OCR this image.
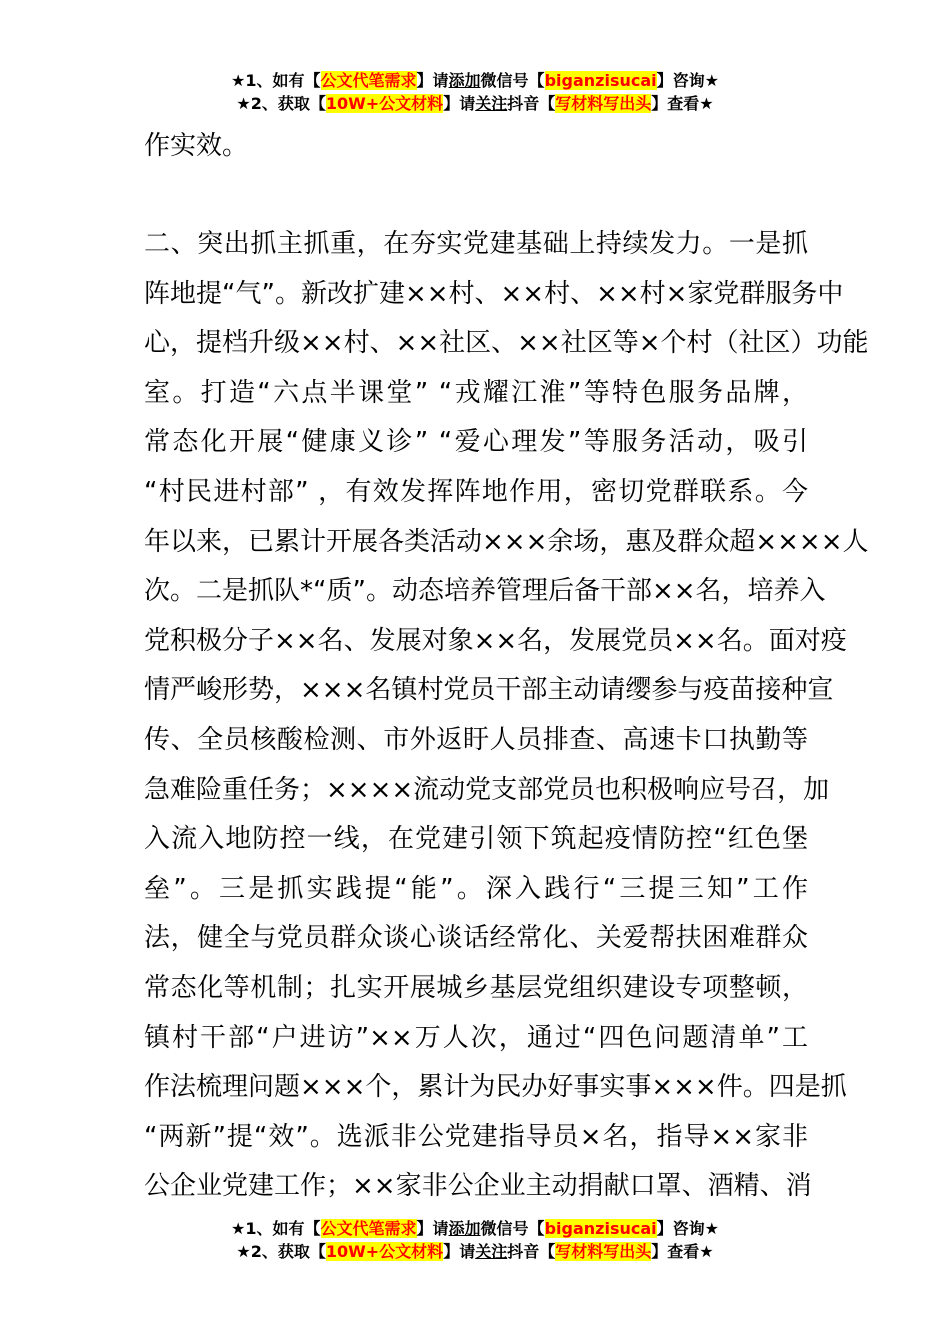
★1、如有【公文代笔需求】请添加微信号【biganzisucai】咨询★
★2、获取【10W+公文材料】请关注抖音【写材料写出头】查看★
作实效。
二、突出抓主抓重，在夯实党建基础上持续发力。一是抓
阵地提“气”。新改扩建××村、××村、××村×家党群服务中
心，提档升级××村、××社区、××社区等×个村（社区）功能
室。打造“六点半课堂” “戎耀江淮”等特色服务品牌，
常态化开展“健康义诊” “爱心理发”等服务活动，吸引
“村民进村部” ，有效发挥阵地作用，密切党群联系。今
年以来，已累计开展各类活动×××余场，惠及群众超××××人
次。二是抓队*“质”。动态培养管理后备干部××名，培养入
党积极分子××名、发展对象××名，发展党员××名。面对疫
情严峻形势，×××名镇村党员干部主动请缨参与疫苗接种宣
传、全员核酸检测、市外返盱人员排查、高速卡口执勤等
急难险重任务；××××流动党支部党员也积极响应号召，加
入流入地防控一线，在党建引领下筑起疫情防控“红色堡
垒”。三是抓实践提“能”。深入践行“三提三知”工作
法，健全与党员群众谈心谈话经常化、关爱帮扶困难群众
常态化等机制；扎实开展城乡基层党组织建设专项整顿，
镇村干部“户进访”××万人次，通过“四色问题清单”工
作法梳理问题×××个，累计为民办好事实事×××件。四是抓
“两新”提“效”。选派非公党建指导员×名，指导××家非
公企业党建工作；××家非公企业主动捐献口罩、酒精、消
★1、如有【公文代笔需求】请添加微信号【biganzisucai】咨询★
★2、获取【10W+公文材料】请关注抖音【写材料写出头】查看★
